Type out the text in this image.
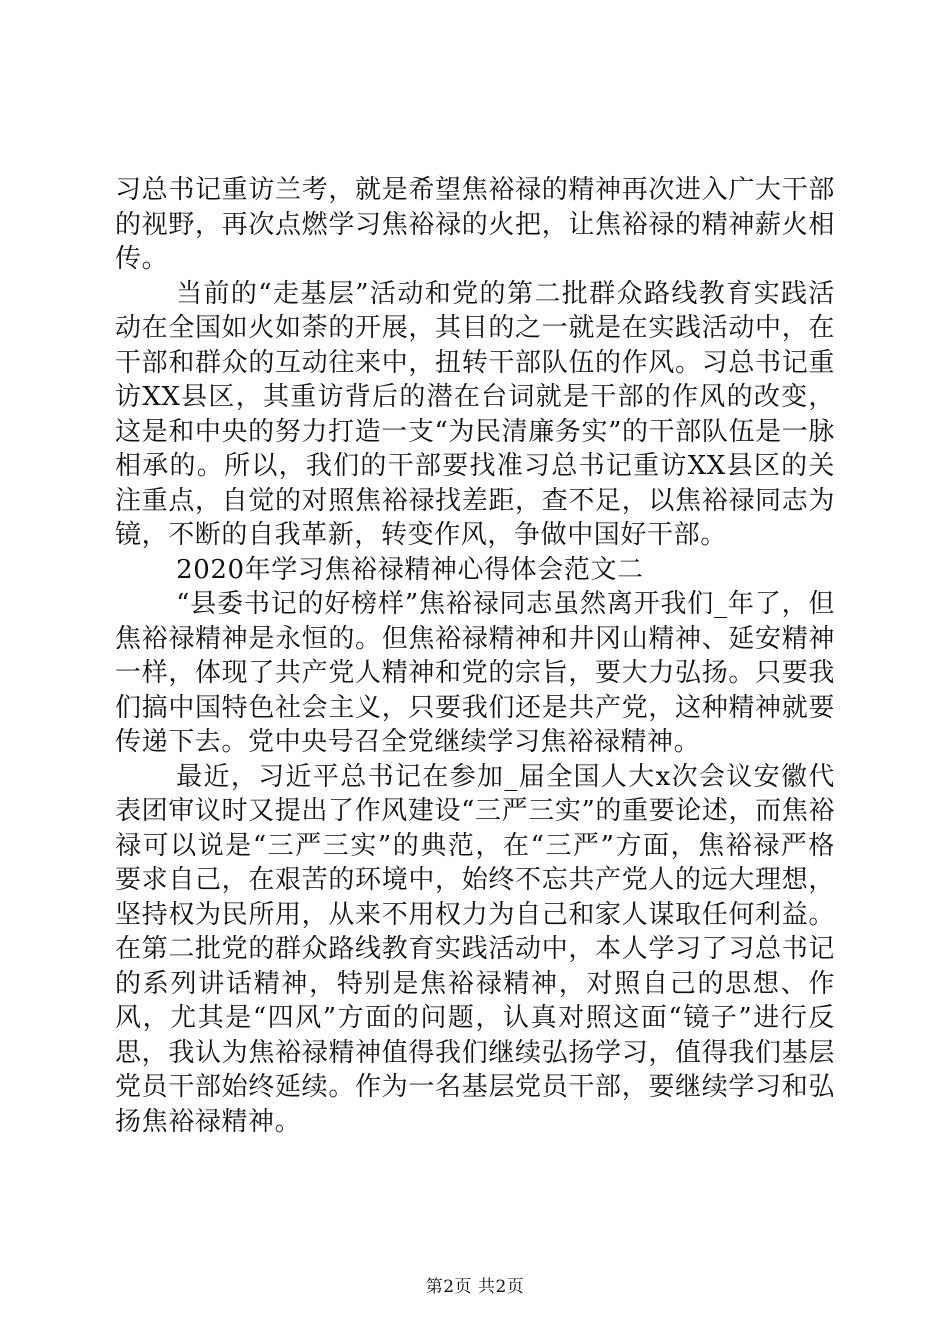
习总书记重访兰考，就是希望焦裕禄的精神再次进入广大干部的视野，再次点燃学习焦裕禄的火把，让焦裕禄的精神薪火相传。

当前的“走基层”活动和党的第二批群众路线教育实践活动在全国如火如荼的开展，其目的之一就是在实践活动中，在干部和群众的互动往来中，扭转干部队伍的作风。习总书记重访XX县区，其重访背后的潜在台词就是干部的作风的改变，这是和中央的努力打造一支“为民清廉务实”的干部队伍是一脉相承的。所以，我们的干部要找准习总书记重访XX县区的关注重点，自觉的对照焦裕禄找差距，查不足，以焦裕禄同志为镜，不断的自我革新，转变作风，争做中国好干部。

2020年学习焦裕禄精神心得体会范文二

“县委书记的好榜样”焦裕禄同志虽然离开我们_年了，但焦裕禄精神是永恒的。但焦裕禄精神和井冈山精神、延安精神一样，体现了共产党人精神和党的宗旨，要大力弘扬。只要我们搞中国特色社会主义，只要我们还是共产党，这种精神就要传递下去。党中央号召全党继续学习焦裕禄精神。

最近，习近平总书记在参加_届全国人大x次会议安徽代表团审议时又提出了作风建设“三严三实”的重要论述，而焦裕禄可以说是“三严三实”的典范，在“三严”方面，焦裕禄严格要求自己，在艰苦的环境中，始终不忘共产党人的远大理想，坚持权为民所用，从来不用权力为自己和家人谋取任何利益。在第二批党的群众路线教育实践活动中，本人学习了习总书记的系列讲话精神，特别是焦裕禄精神，对照自己的思想、作风，尤其是“四风”方面的问题，认真对照这面“镜子”进行反思，我认为焦裕禄精神值得我们继续弘扬学习，值得我们基层党员干部始终延续。作为一名基层党员干部，要继续学习和弘扬焦裕禄精神。

第2页 共2页
